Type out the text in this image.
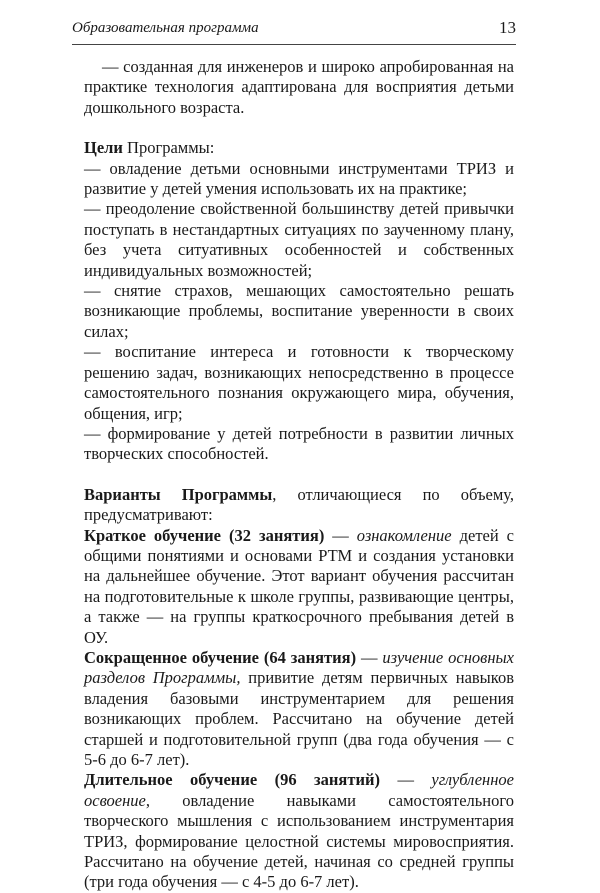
Образовательная программа	13

— созданная для инженеров и широко апробированная на практике технология адаптирована для восприятия детьми дошкольного возраста.

Цели Программы:

— овладение детьми основными инструментами ТРИЗ и развитие у детей умения использовать их на практике;

— преодоление свойственной большинству детей привычки поступать в нестандартных ситуациях по заученному плану, без учета ситуативных особенностей и собственных индивидуальных возможностей;

— снятие страхов, мешающих самостоятельно решать возникающие проблемы, воспитание уверенности в своих силах;

— воспитание интереса и готовности к творческому решению задач, возникающих непосредственно в процессе самостоятельного познания окружающего мира, обучения, общения, игр;

— формирование у детей потребности в развитии личных творческих способностей.

Варианты Программы, отличающиеся по объему, предусматривают:

Краткое обучение (32 занятия) — ознакомление детей с общими понятиями и основами РТМ и создания установки на дальнейшее обучение. Этот вариант обучения рассчитан на подготовительные к школе группы, развивающие центры, а также — на группы краткосрочного пребывания детей в ОУ.

Сокращенное обучение (64 занятия) — изучение основных разделов Программы, привитие детям первичных навыков владения базовыми инструментарием для решения возникающих проблем. Рассчитано на обучение детей старшей и подготовительной групп (два года обучения — с 5-6 до 6-7 лет).

Длительное обучение (96 занятий) — углубленное освоение, овладение навыками самостоятельного творческого мышления с использованием инструментария ТРИЗ, формирование целостной системы мировосприятия. Рассчитано на обучение детей, начиная со средней группы (три года обучения — с 4-5 до 6-7 лет).
